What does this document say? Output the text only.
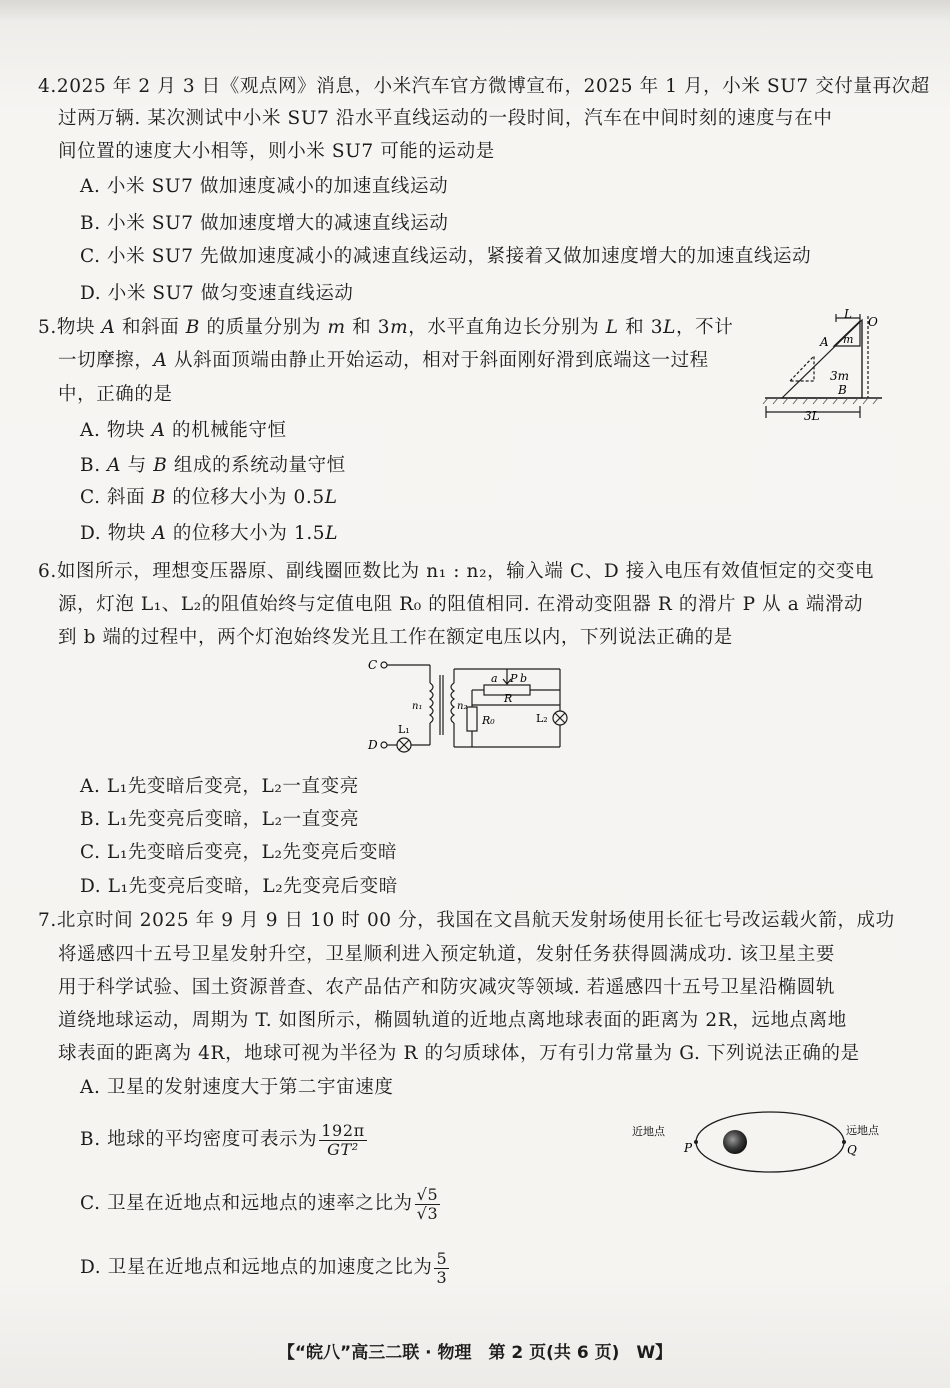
4.2025 年 2 月 3 日《观点网》消息，小米汽车官方微博宣布，2025 年 1 月，小米 SU7 交付量再次超
过两万辆. 某次测试中小米 SU7 沿水平直线运动的一段时间，汽车在中间时刻的速度与在中
间位置的速度大小相等，则小米 SU7 可能的运动是
A. 小米 SU7 做加速度减小的加速直线运动
B. 小米 SU7 做加速度增大的减速直线运动
C. 小米 SU7 先做加速度减小的减速直线运动，紧接着又做加速度增大的加速直线运动
D. 小米 SU7 做匀变速直线运动
5.物块 A 和斜面 B 的质量分别为 m 和 3m，水平直角边长分别为 L 和 3L，不计
一切摩擦，A 从斜面顶端由静止开始运动，相对于斜面刚好滑到底端这一过程
中，正确的是
A. 物块 A 的机械能守恒
B. A 与 B 组成的系统动量守恒
C. 斜面 B 的位移大小为 0.5L
D. 物块 A 的位移大小为 1.5L
L
O
m
A
3m
B
3L
6.如图所示，理想变压器原、副线圈匝数比为 n₁ : n₂，输入端 C、D 接入电压有效值恒定的交变电
源，灯泡 L₁、L₂的阻值始终与定值电阻 R₀ 的阻值相同. 在滑动变阻器 R 的滑片 P 从 a 端滑动
到 b 端的过程中，两个灯泡始终发光且工作在额定电压以内，下列说法正确的是
C
D
n₁	n₂
a P b
R
R₀	L₂
L₁
A. L₁先变暗后变亮，L₂一直变亮
B. L₁先变亮后变暗，L₂一直变亮
C. L₁先变暗后变亮，L₂先变亮后变暗
D. L₁先变亮后变暗，L₂先变亮后变暗
7.北京时间 2025 年 9 月 9 日 10 时 00 分，我国在文昌航天发射场使用长征七号改运载火箭，成功
将遥感四十五号卫星发射升空，卫星顺利进入预定轨道，发射任务获得圆满成功. 该卫星主要
用于科学试验、国土资源普查、农产品估产和防灾减灾等领域. 若遥感四十五号卫星沿椭圆轨
道绕地球运动，周期为 T. 如图所示，椭圆轨道的近地点离地球表面的距离为 2R，远地点离地
球表面的距离为 4R，地球可视为半径为 R 的匀质球体，万有引力常量为 G. 下列说法正确的是
A. 卫星的发射速度大于第二宇宙速度
B. 地球的平均密度可表示为 $\frac{192\pi}{\text{GT²}}$
C. 卫星在近地点和远地点的速率之比为 $\frac{√5}{√3}$
D. 卫星在近地点和远地点的加速度之比为 $\frac{5}{3}$
近地点	远地点
P	Q
【“皖八”高三二联 · 物理　第 2 页(共 6 页)　W】
